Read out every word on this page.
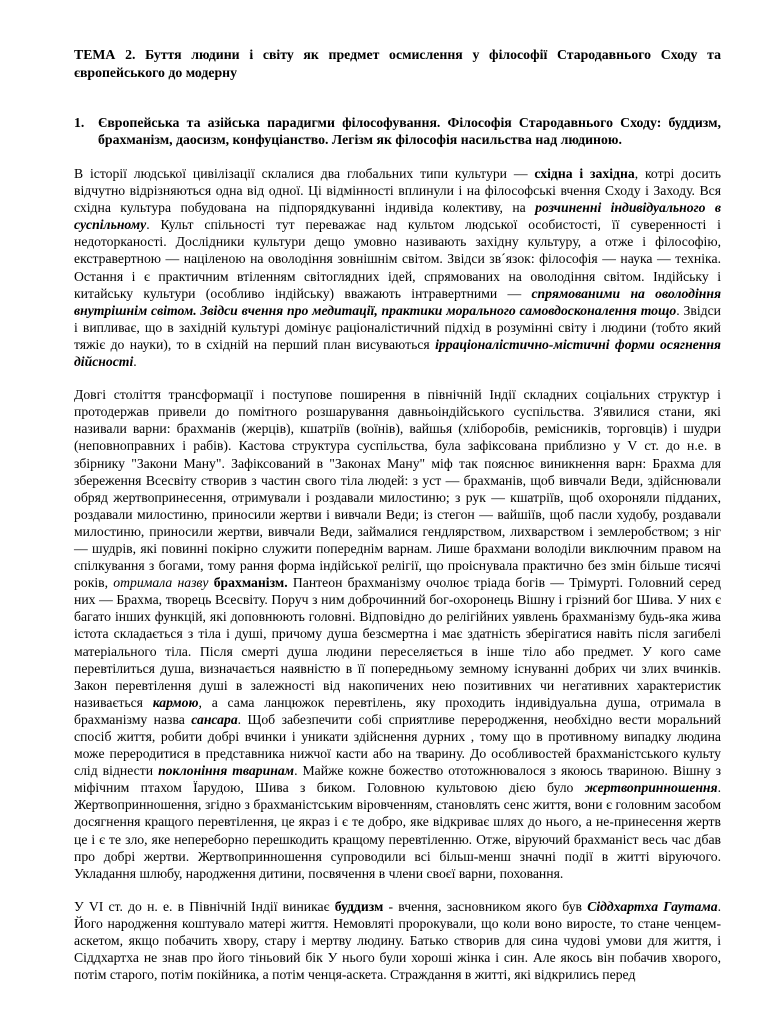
ТЕМА 2. Буття людини і світу як предмет осмислення у філософії Стародавнього Сходу та європейського до модерну
1. Європейська та азійська парадигми філософування. Філософія Стародавнього Сходу: буддизм, брахманізм, даосизм, конфуціанство. Легізм як філософія насильства над людиною.

В історії людської цивілізації склалися два глобальних типи культури — східна і західна, котрі досить відчутно відрізняються одна від одної. Ці відмінності вплинули і на філософські вчення Сходу і Заходу. Вся східна культура побудована на підпорядкуванні індивіда колективу, на розчиненні індивідуального в суспільному. Культ спільності тут переважає над культом людської особистості, її суверенності і недоторканості. Дослідники культури дещо умовно називають західну культуру, а отже і філософію, екстравертною — націленою на оволодіння зовнішнім світом. Звідси зв´язок: філософія — наука — техніка. Остання і є практичним втіленням світоглядних ідей, спрямованих на оволодіння світом. Індійську і китайську культури (особливо індійську) вважають інтравертними — спрямованими на оволодіння внутрішнім світом. Звідси вчення про медитації, практики морального самовдосконалення тощо. Звідси і випливає, що в західній культурі домінує раціоналістичний підхід в розумінні світу і людини (тобто який тяжіє до науки), то в східній на перший план висуваються ірраціоналістично-містичні форми осягнення дійсності.

Довгі століття трансформації і поступове поширення в північній Індії складних соціальних структур і протодержав привели до помітного розшарування давньоіндійського суспільства. З'явилися стани, які називали варни: брахманів (жерців), кшатріїв (воїнів), вайшья (хліборобів, ремісників, торговців) і шудри (неповноправних і рабів). Кастова структура суспільства, була зафіксована приблизно у V ст. до н.е. в збірнику "Закони Ману". Зафіксований в "Законах Ману" міф так пояснює виникнення варн: Брахма для збереження Всесвіту створив з частин свого тіла людей: з уст — брахманів, щоб вивчали Веди, здійснювали обряд жертвопринесення, отримували і роздавали милостиню; з рук — кшатріїв, щоб охороняли підданих, роздавали милостиню, приносили жертви і вивчали Веди; із стегон — вайшіїв, щоб пасли худобу, роздавали милостиню, приносили жертви, вивчали Веди, займалися гендлярством, лихварством і землеробством; з ніг — шудрів, які повинні покірно служити попереднім варнам. Лише брахмани володіли виключним правом на спілкування з богами, тому рання форма індійської релігії, що проіснувала практично без змін більше тисячі років, отримала назву брахманізм. Пантеон брахманізму очолює тріада богів — Трімурті. Головний серед них — Брахма, творець Всесвіту. Поруч з ним доброчинний бог-охоронець Вішну і грізний бог Шива. У них є багато інших функцій, які доповнюють головні. Відповідно до релігійних уявлень брахманізму будь-яка жива істота складається з тіла і душі, причому душа безсмертна і має здатність зберігатися навіть після загибелі матеріального тіла. Після смерті душа людини переселяється в інше тіло або предмет. У кого саме перевтілиться душа, визначається наявністю в її попередньому земному існуванні добрих чи злих вчинків. Закон перевтілення душі в залежності від накопичених нею позитивних чи негативних характеристик називається кармою, а сама ланцюжок перевтілень, яку проходить індивідуальна душа, отримала в брахманізму назва сансара. Щоб забезпечити собі сприятливе переродження, необхідно вести моральний спосіб життя, робити добрі вчинки і уникати здійснення дурних , тому що в противному випадку людина може переродитися в представника нижчої касти або на тварину. До особливостей брахманістського культу слід віднести поклоніння тваринам. Майже кожне божество ототожнювалося з якоюсь твариною. Вішну з міфічним птахом Ïарудою, Шива з биком. Головною культовою дією було жертвопринношення. Жертвопринношення, згідно з брахманістським віровченням, становлять сенс життя, вони є головним засобом досягнення кращого перевтілення, це якраз і є те добро, яке відкриває шлях до нього, а не-принесення жертв це і є те зло, яке непереборно перешкодить кращому перевтіленню. Отже, віруючий брахманіст весь час дбав про добрі жертви. Жертвопринношення супроводили всі більш-менш значні події в житті віруючого. Укладання шлюбу, народження дитини, посвячення в члени своєї варни, поховання.

У VI ст. до н. е. в Північній Індії виникає буддизм - вчення, засновником якого був Сіддхартха Гаутама. Його народження коштувало матері життя. Немовляті пророкували, що коли воно виросте, то стане ченцем-аскетом, якщо побачить хвору, стару і мертву людину. Батько створив для сина чудові умови для життя, і Сіддхартха не знав про його тіньовий бік У нього були хороші жінка і син. Але якось він побачив хворого, потім старого, потім покійника, а потім ченця-аскета. Страждання в житті, які відкрились перед
